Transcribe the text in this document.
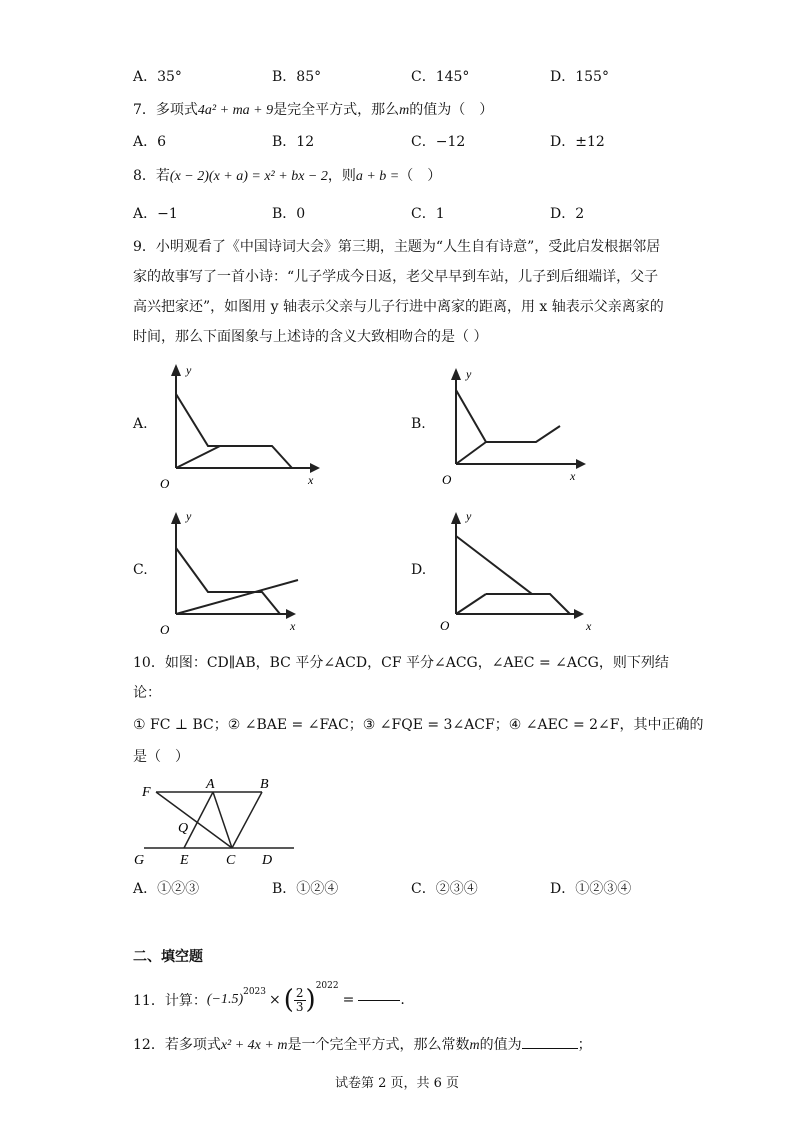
A．35°	B．85°	C．145°	D．155°
7．多项式4a² + ma + 9是完全平方式，那么m的值为（　）
A．6	B．12	C．−12	D．±12
8．若(x − 2)(x + a) = x² + bx − 2，则a + b =（　）
A．−1	B．0	C．1	D．2
9．小明观看了《中国诗词大会》第三期，主题为“人生自有诗意”，受此启发根据邻居
家的故事写了一首小诗：“儿子学成今日返，老父早早到车站，儿子到后细端详，父子
高兴把家还”，如图用 y 轴表示父亲与儿子行进中离家的距离，用 x 轴表示父亲离家的
时间，那么下面图象与上述诗的含义大致相吻合的是（ ）
A.
y
x
O
B.
y
x
O
C.
y
x
O
D.
y
x
O
10．如图：CD∥AB，BC 平分∠ACD，CF 平分∠ACG，∠AEC = ∠ACG，则下列结
论：
① FC ⊥ BC；② ∠BAE = ∠FAC；③ ∠FQE = 3∠ACF；④ ∠AEC = 2∠F，其中正确的
是（　）
F
A	B
Q
G	E	C D
A．①②③	B．①②④	C．②③④	D．①②③④
二、填空题
11． 计算： (−1.5) 2023 × ( $\frac{2}{3}$ ) 2022
=	.
12．若多项式x² + 4x + m是一个完全平方式，那么常数m的值为	；
试卷第 2 页，共 6 页
